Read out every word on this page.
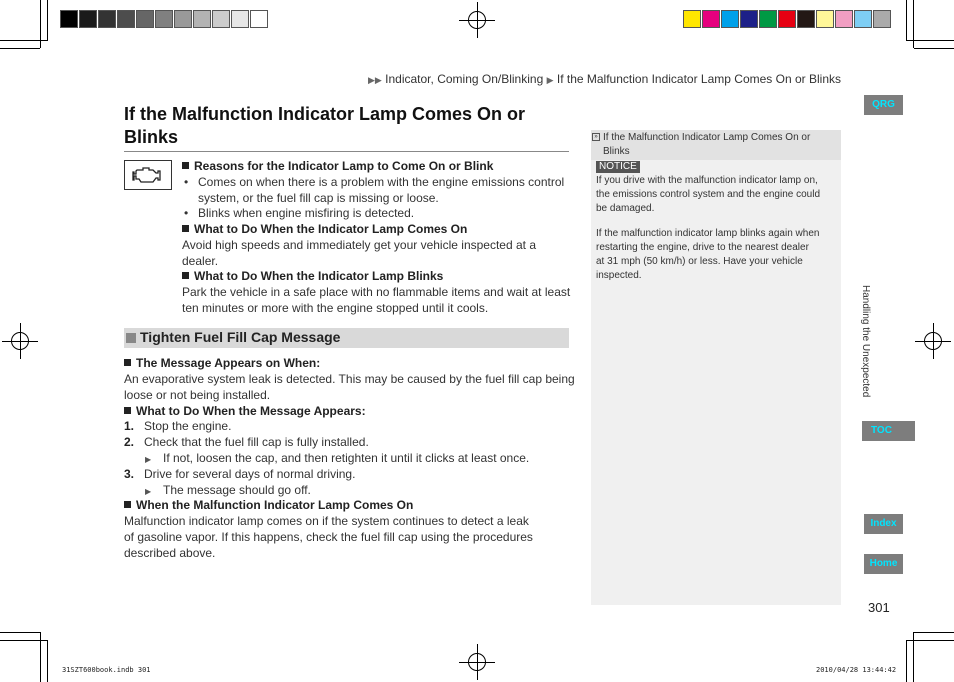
▶▶ Indicator, Coming On/Blinking ▶ If the Malfunction Indicator Lamp Comes On or Blinks
If the Malfunction Indicator Lamp Comes On or
Blinks
Reasons for the Indicator Lamp to Come On or Blink
• Comes on when there is a problem with the engine emissions control
system, or the fuel fill cap is missing or loose.
• Blinks when engine misfiring is detected.
What to Do When the Indicator Lamp Comes On
Avoid high speeds and immediately get your vehicle inspected at a
dealer.
What to Do When the Indicator Lamp Blinks
Park the vehicle in a safe place with no flammable items and wait at least
ten minutes or more with the engine stopped until it cools.
Tighten Fuel Fill Cap Message
The Message Appears on When:
An evaporative system leak is detected. This may be caused by the fuel fill cap being
loose or not being installed.
What to Do When the Message Appears:
1. Stop the engine.
2. Check that the fuel fill cap is fully installed.
▶ If not, loosen the cap, and then retighten it until it clicks at least once.
3. Drive for several days of normal driving.
▶ The message should go off.
When the Malfunction Indicator Lamp Comes On
Malfunction indicator lamp comes on if the system continues to detect a leak
of gasoline vapor. If this happens, check the fuel fill cap using the procedures
described above.
» If the Malfunction Indicator Lamp Comes On or
Blinks
NOTICE
If you drive with the malfunction indicator lamp on,
the emissions control system and the engine could
be damaged.
If the malfunction indicator lamp blinks again when
restarting the engine, drive to the nearest dealer
at 31 mph (50 km/h) or less. Have your vehicle
inspected.
QRG
Handling the Unexpected
TOC
Index
Home
301
31SZT600book.indb 301	2010/04/28 13:44:42
